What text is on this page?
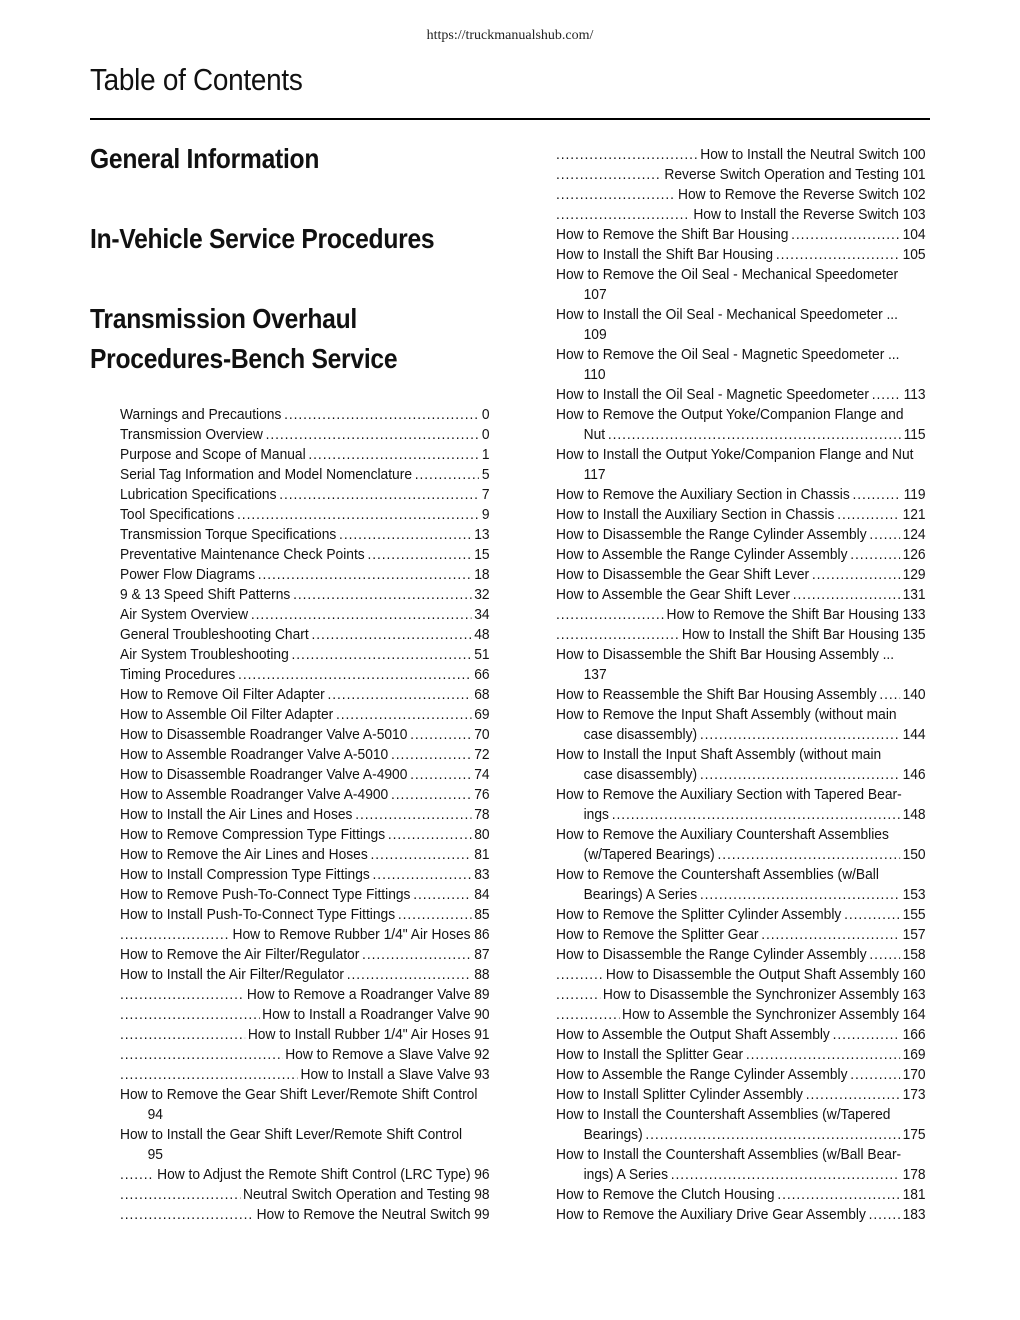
https://truckmanualshub.com/
Table of Contents
General Information
In-Vehicle Service Procedures
Transmission Overhaul
Procedures-Bench Service
Warnings and Precautions .....	0
Transmission Overview .....	0
Purpose and Scope of Manual .....	1
Serial Tag Information and Model Nomenclature .....	5
Lubrication Specifications .....	7
Tool Specifications .....	9
Transmission Torque Specifications .....	13
Preventative Maintenance Check Points .....	15
Power Flow Diagrams .....	18
9 & 13 Speed Shift Patterns .....	32
Air System Overview .....	34
General Troubleshooting Chart .....	48
Air System Troubleshooting .....	51
Timing Procedures .....	66
How to Remove Oil Filter Adapter .....	68
How to Assemble Oil Filter Adapter .....	69
How to Disassemble Roadranger Valve A-5010 .....	70
How to Assemble Roadranger Valve A-5010 .....	72
How to Disassemble Roadranger Valve A-4900 .....	74
How to Assemble Roadranger Valve A-4900 .....	76
How to Install the Air Lines and Hoses .....	78
How to Remove Compression Type Fittings .....	80
How to Remove the Air Lines and Hoses .....	81
How to Install Compression Type Fittings .....	83
How to Remove Push-To-Connect Type Fittings .....	84
How to Install Push-To-Connect Type Fittings .....	85
How to Remove Rubber 1/4" Air Hoses ..... 86
How to Remove the Air Filter/Regulator .....	87
How to Install the Air Filter/Regulator .....	88
How to Remove a Roadranger Valve ..... 89
How to Install a Roadranger Valve ..... 90
How to Install Rubber 1/4" Air Hoses ..... 91
How to Remove a Slave Valve ..... 92
How to Install a Slave Valve ..... 93
How to Remove the Gear Shift Lever/Remote Shift Control
94
How to Install the Gear Shift Lever/Remote Shift Control
95
How to Adjust the Remote Shift Control (LRC Type) ..... 96
Neutral Switch Operation and Testing ..... 98
How to Remove the Neutral Switch ..... 99
How to Install the Neutral Switch ..... 100
Reverse Switch Operation and Testing ..... 101
How to Remove the Reverse Switch ..... 102
How to Install the Reverse Switch ..... 103
How to Remove the Shift Bar Housing .....	104
How to Install the Shift Bar Housing .....	105
How to Remove the Oil Seal - Mechanical Speedometer
107
How to Install the Oil Seal - Mechanical Speedometer ...
109
How to Remove the Oil Seal - Magnetic Speedometer ...
110
How to Install the Oil Seal - Magnetic Speedometer ..... 113
How to Remove the Output Yoke/Companion Flange and
Nut .....	115
How to Install the Output Yoke/Companion Flange and Nut
117
How to Remove the Auxiliary Section in Chassis .....	119
How to Install the Auxiliary Section in Chassis .....	121
How to Disassemble the Range Cylinder Assembly ..... 124
How to Assemble the Range Cylinder Assembly .....	126
How to Disassemble the Gear Shift Lever .....	129
How to Assemble the Gear Shift Lever .....	131
How to Remove the Shift Bar Housing ..... 133
How to Install the Shift Bar Housing ..... 135
How to Disassemble the Shift Bar Housing Assembly ...
137
How to Reassemble the Shift Bar Housing Assembly ..... 140
How to Remove the Input Shaft Assembly (without main
case disassembly) .....	144
How to Install the Input Shaft Assembly (without main
case disassembly) .....	146
How to Remove the Auxiliary Section with Tapered Bear-
ings .....	148
How to Remove the Auxiliary Countershaft Assemblies
(w/Tapered Bearings) .....	150
How to Remove the Countershaft Assemblies (w/Ball
Bearings) A Series .....	153
How to Remove the Splitter Cylinder Assembly .....	155
How to Remove the Splitter Gear .....	157
How to Disassemble the Range Cylinder Assembly ..... 158
How to Disassemble the Output Shaft Assembly ..... 160
How to Disassemble the Synchronizer Assembly ..... 163
How to Assemble the Synchronizer Assembly ..... 164
How to Assemble the Output Shaft Assembly .....	166
How to Install the Splitter Gear .....	169
How to Assemble the Range Cylinder Assembly .....	170
How to Install Splitter Cylinder Assembly .....	173
How to Install the Countershaft Assemblies (w/Tapered
Bearings) .....	175
How to Install the Countershaft Assemblies (w/Ball Bear-
ings) A Series .....	178
How to Remove the Clutch Housing .....	181
How to Remove the Auxiliary Drive Gear Assembly ..... 183
